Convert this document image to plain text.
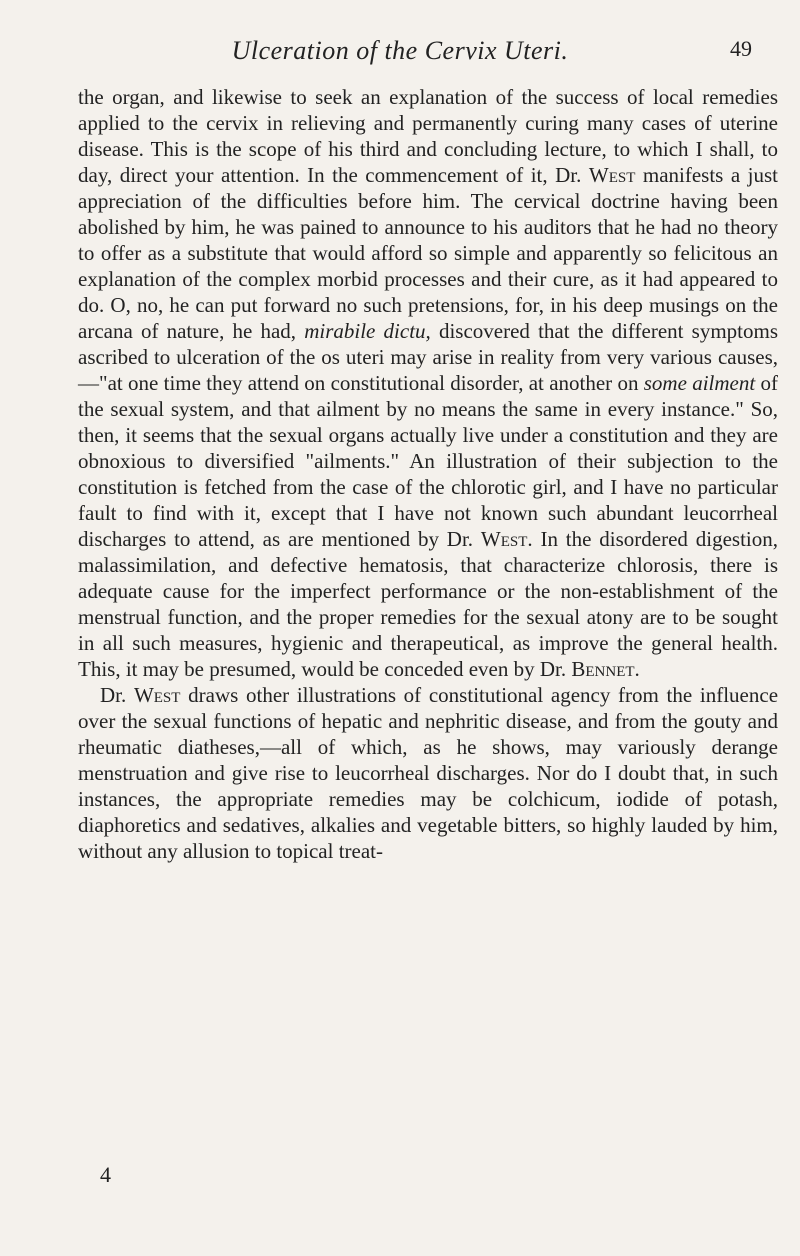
Ulceration of the Cervix Uteri.	49

the organ, and likewise to seek an explanation of the success of local remedies applied to the cervix in relieving and permanently curing many cases of uterine disease. This is the scope of his third and concluding lecture, to which I shall, to day, direct your attention. In the commencement of it, Dr. West manifests a just appreciation of the difficulties before him. The cervical doctrine having been abolished by him, he was pained to announce to his auditors that he had no theory to offer as a substitute that would afford so simple and apparently so felicitous an explanation of the complex morbid processes and their cure, as it had appeared to do. O, no, he can put forward no such pretensions, for, in his deep musings on the arcana of nature, he had, mirabile dictu, discovered that the different symptoms ascribed to ulceration of the os uteri may arise in reality from very various causes,—"at one time they attend on constitutional disorder, at another on some ailment of the sexual system, and that ailment by no means the same in every instance." So, then, it seems that the sexual organs actually live under a constitution and they are obnoxious to diversified "ailments." An illustration of their subjection to the constitution is fetched from the case of the chlorotic girl, and I have no particular fault to find with it, except that I have not known such abundant leucorrheal discharges to attend, as are mentioned by Dr. West. In the disordered digestion, malassimilation, and defective hematosis, that characterize chlorosis, there is adequate cause for the imperfect performance or the non-establishment of the menstrual function, and the proper remedies for the sexual atony are to be sought in all such measures, hygienic and therapeutical, as improve the general health. This, it may be presumed, would be conceded even by Dr. Bennet.

Dr. West draws other illustrations of constitutional agency from the influence over the sexual functions of hepatic and nephritic disease, and from the gouty and rheumatic diatheses,—all of which, as he shows, may variously derange menstruation and give rise to leucorrheal discharges. Nor do I doubt that, in such instances, the appropriate remedies may be colchicum, iodide of potash, diaphoretics and sedatives, alkalies and vegetable bitters, so highly lauded by him, without any allusion to topical treat-

4
